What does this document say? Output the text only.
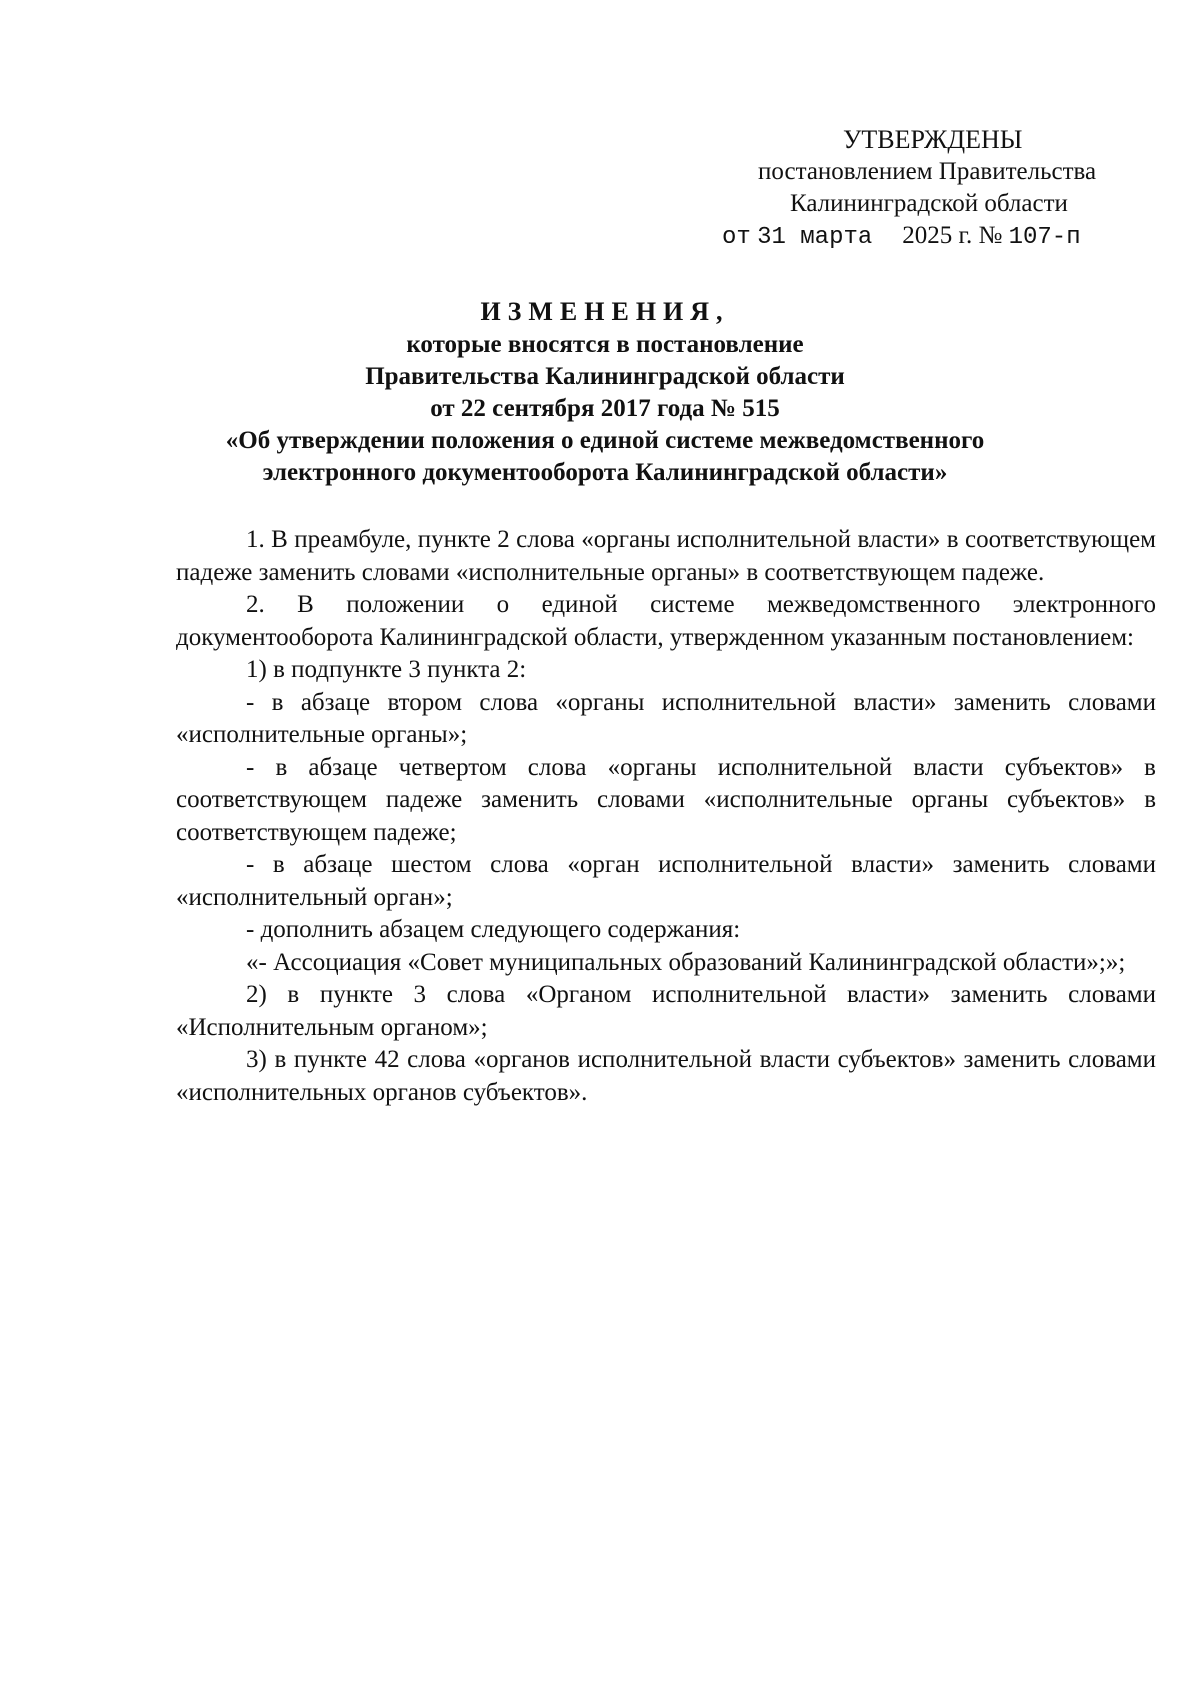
УТВЕРЖДЕНЫ
постановлением Правительства
Калининградской области
от 31 марта 2025 г. № 107-п
ИЗМЕНЕНИЯ,
которые вносятся в постановление
Правительства Калининградской области
от 22 сентября 2017 года № 515
«Об утверждении положения о единой системе межведомственного
электронного документооборота Калининградской области»

1. В преамбуле, пункте 2 слова «органы исполнительной власти» в соответствующем падеже заменить словами «исполнительные органы» в соответствующем падеже.

2. В положении о единой системе межведомственного электронного документооборота Калининградской области, утвержденном указанным постановлением:

1) в подпункте 3 пункта 2:

- в абзаце втором слова «органы исполнительной власти» заменить словами «исполнительные органы»;

- в абзаце четвертом слова «органы исполнительной власти субъектов» в соответствующем падеже заменить словами «исполнительные органы субъектов» в соответствующем падеже;

- в абзаце шестом слова «орган исполнительной власти» заменить словами «исполнительный орган»;

- дополнить абзацем следующего содержания:

«- Ассоциация «Совет муниципальных образований Калининградской области»;»;

2) в пункте 3 слова «Органом исполнительной власти» заменить словами «Исполнительным органом»;

3) в пункте 42 слова «органов исполнительной власти субъектов» заменить словами «исполнительных органов субъектов».
